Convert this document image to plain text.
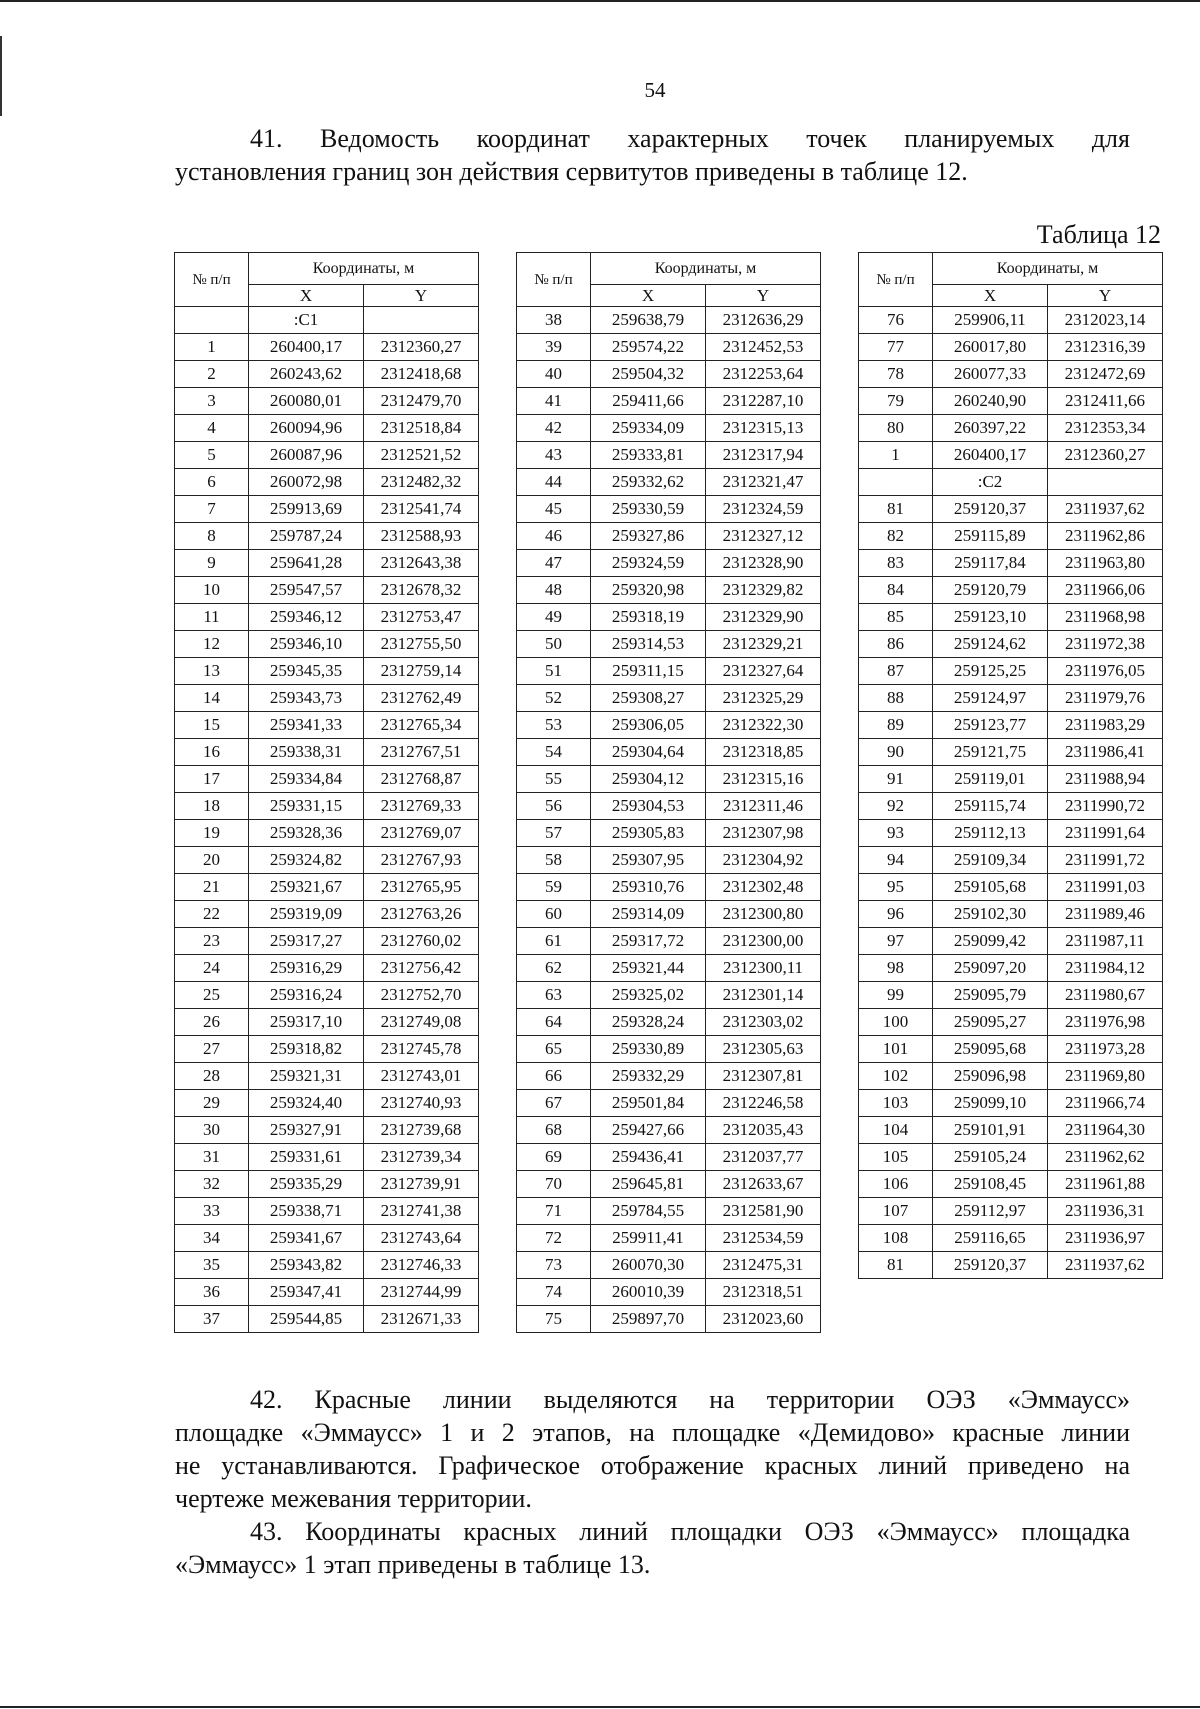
54
41. Ведомость координат характерных точек планируемых для
установления границ зон действия сервитутов приведены в таблице 12.
Таблица 12
№ п/п	Координаты, м	
	X	Y
	:C1	
1	260400,17	2312360,27
2	260243,62	2312418,68
3	260080,01	2312479,70
4	260094,96	2312518,84
5	260087,96	2312521,52
6	260072,98	2312482,32
7	259913,69	2312541,74
8	259787,24	2312588,93
9	259641,28	2312643,38
10	259547,57	2312678,32
11	259346,12	2312753,47
12	259346,10	2312755,50
13	259345,35	2312759,14
14	259343,73	2312762,49
15	259341,33	2312765,34
16	259338,31	2312767,51
17	259334,84	2312768,87
18	259331,15	2312769,33
19	259328,36	2312769,07
20	259324,82	2312767,93
21	259321,67	2312765,95
22	259319,09	2312763,26
23	259317,27	2312760,02
24	259316,29	2312756,42
25	259316,24	2312752,70
26	259317,10	2312749,08
27	259318,82	2312745,78
28	259321,31	2312743,01
29	259324,40	2312740,93
30	259327,91	2312739,68
31	259331,61	2312739,34
32	259335,29	2312739,91
33	259338,71	2312741,38
34	259341,67	2312743,64
35	259343,82	2312746,33
36	259347,41	2312744,99
37	259544,85	2312671,33
№ п/п	Координаты, м	
	X	Y
38	259638,79	2312636,29
39	259574,22	2312452,53
40	259504,32	2312253,64
41	259411,66	2312287,10
42	259334,09	2312315,13
43	259333,81	2312317,94
44	259332,62	2312321,47
45	259330,59	2312324,59
46	259327,86	2312327,12
47	259324,59	2312328,90
48	259320,98	2312329,82
49	259318,19	2312329,90
50	259314,53	2312329,21
51	259311,15	2312327,64
52	259308,27	2312325,29
53	259306,05	2312322,30
54	259304,64	2312318,85
55	259304,12	2312315,16
56	259304,53	2312311,46
57	259305,83	2312307,98
58	259307,95	2312304,92
59	259310,76	2312302,48
60	259314,09	2312300,80
61	259317,72	2312300,00
62	259321,44	2312300,11
63	259325,02	2312301,14
64	259328,24	2312303,02
65	259330,89	2312305,63
66	259332,29	2312307,81
67	259501,84	2312246,58
68	259427,66	2312035,43
69	259436,41	2312037,77
70	259645,81	2312633,67
71	259784,55	2312581,90
72	259911,41	2312534,59
73	260070,30	2312475,31
74	260010,39	2312318,51
75	259897,70	2312023,60
№ п/п	Координаты, м	
	X	Y
76	259906,11	2312023,14
77	260017,80	2312316,39
78	260077,33	2312472,69
79	260240,90	2312411,66
80	260397,22	2312353,34
1	260400,17	2312360,27
	:C2	
81	259120,37	2311937,62
82	259115,89	2311962,86
83	259117,84	2311963,80
84	259120,79	2311966,06
85	259123,10	2311968,98
86	259124,62	2311972,38
87	259125,25	2311976,05
88	259124,97	2311979,76
89	259123,77	2311983,29
90	259121,75	2311986,41
91	259119,01	2311988,94
92	259115,74	2311990,72
93	259112,13	2311991,64
94	259109,34	2311991,72
95	259105,68	2311991,03
96	259102,30	2311989,46
97	259099,42	2311987,11
98	259097,20	2311984,12
99	259095,79	2311980,67
100	259095,27	2311976,98
101	259095,68	2311973,28
102	259096,98	2311969,80
103	259099,10	2311966,74
104	259101,91	2311964,30
105	259105,24	2311962,62
106	259108,45	2311961,88
107	259112,97	2311936,31
108	259116,65	2311936,97
81	259120,37	2311937,62
42. Красные линии выделяются на территории ОЭЗ «Эммаусс»
площадке «Эммаусс» 1 и 2 этапов, на площадке «Демидово» красные линии
не устанавливаются. Графическое отображение красных линий приведено на
чертеже межевания территории.
43. Координаты красных линий площадки ОЭЗ «Эммаусс» площадка
«Эммаусс» 1 этап приведены в таблице 13.
